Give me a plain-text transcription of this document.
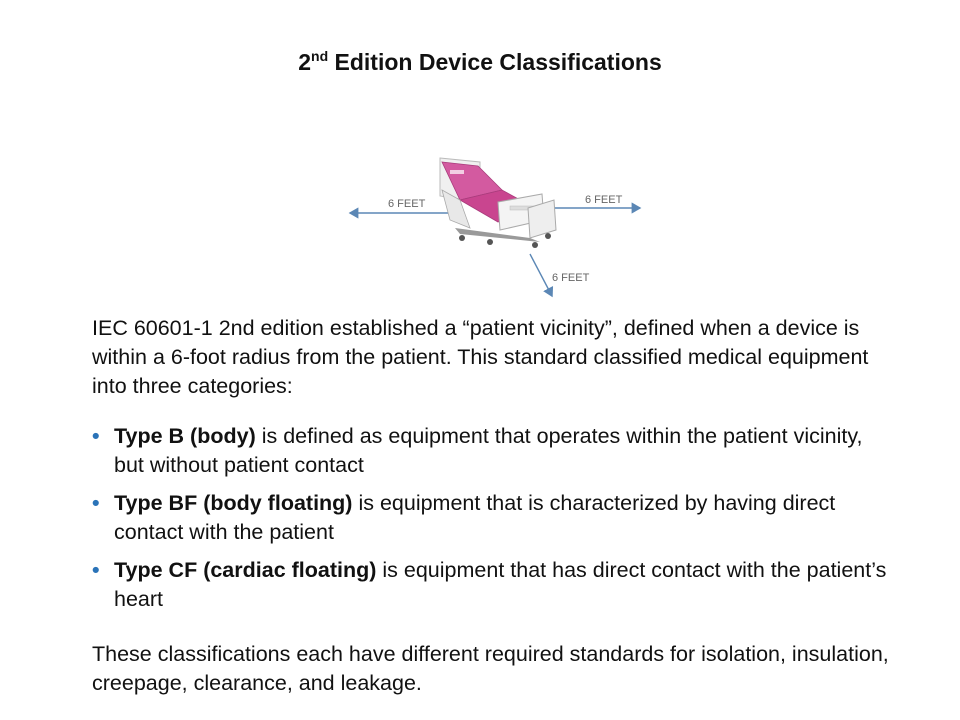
2nd Edition Device Classifications
6 FEET	6 FEET
6 FEET
IEC 60601-1 2nd edition established a “patient vicinity”, defined when a device is within a 6-foot radius from the patient. This standard classified medical equipment into three categories:
• Type B (body) is defined as equipment that operates within the patient vicinity, but without patient contact
• Type BF (body floating) is equipment that is characterized by having direct contact with the patient
• Type CF (cardiac floating) is equipment that has direct contact with the patient’s heart
These classifications each have different required standards for isolation, insulation, creepage, clearance, and leakage.
